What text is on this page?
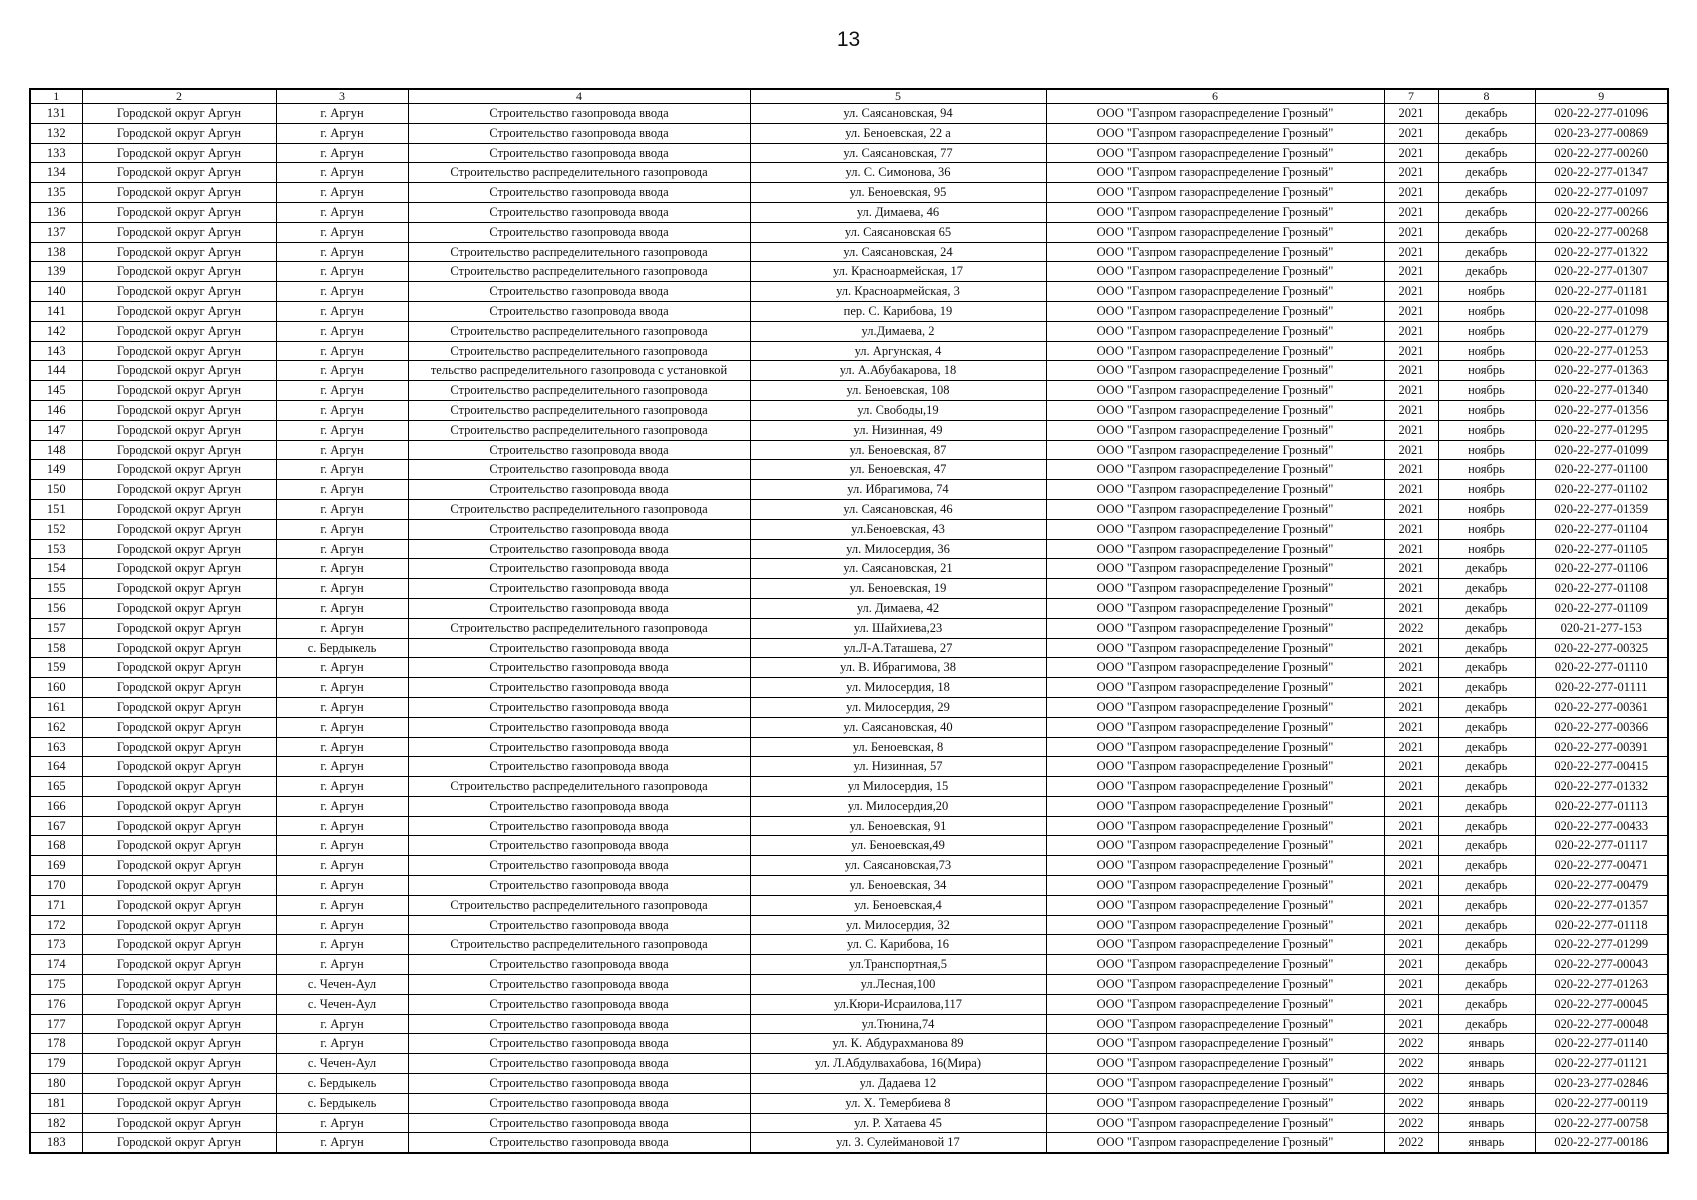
13
1	2	3	4	5	6	7	8	9
131	Городской округ Аргун	г. Аргун	Строительство газопровода ввода	ул. Саясановская, 94	ООО "Газпром газораспределение Грозный"	2021	декабрь	020-22-277-01096
132	Городской округ Аргун	г. Аргун	Строительство газопровода ввода	ул. Беноевская, 22 а	ООО "Газпром газораспределение Грозный"	2021	декабрь	020-23-277-00869
133	Городской округ Аргун	г. Аргун	Строительство газопровода ввода	ул. Саясановская, 77	ООО "Газпром газораспределение Грозный"	2021	декабрь	020-22-277-00260
134	Городской округ Аргун	г. Аргун	Строительство распределительного газопровода	ул. С. Симонова, 36	ООО "Газпром газораспределение Грозный"	2021	декабрь	020-22-277-01347
135	Городской округ Аргун	г. Аргун	Строительство газопровода ввода	ул. Беноевская, 95	ООО "Газпром газораспределение Грозный"	2021	декабрь	020-22-277-01097
136	Городской округ Аргун	г. Аргун	Строительство газопровода ввода	ул. Димаева, 46	ООО "Газпром газораспределение Грозный"	2021	декабрь	020-22-277-00266
137	Городской округ Аргун	г. Аргун	Строительство газопровода ввода	ул. Саясановская 65	ООО "Газпром газораспределение Грозный"	2021	декабрь	020-22-277-00268
138	Городской округ Аргун	г. Аргун	Строительство распределительного газопровода	ул. Саясановская, 24	ООО "Газпром газораспределение Грозный"	2021	декабрь	020-22-277-01322
139	Городской округ Аргун	г. Аргун	Строительство распределительного газопровода	ул. Красноармейская, 17	ООО "Газпром газораспределение Грозный"	2021	декабрь	020-22-277-01307
140	Городской округ Аргун	г. Аргун	Строительство газопровода ввода	ул. Красноармейская, 3	ООО "Газпром газораспределение Грозный"	2021	ноябрь	020-22-277-01181
141	Городской округ Аргун	г. Аргун	Строительство газопровода ввода	пер. С. Карибова, 19	ООО "Газпром газораспределение Грозный"	2021	ноябрь	020-22-277-01098
142	Городской округ Аргун	г. Аргун	Строительство распределительного газопровода	ул.Димаева, 2	ООО "Газпром газораспределение Грозный"	2021	ноябрь	020-22-277-01279
143	Городской округ Аргун	г. Аргун	Строительство распределительного газопровода	ул. Аргунская, 4	ООО "Газпром газораспределение Грозный"	2021	ноябрь	020-22-277-01253
144	Городской округ Аргун	г. Аргун	тельство распределительного газопровода с установкой	ул. А.Абубакарова, 18	ООО "Газпром газораспределение Грозный"	2021	ноябрь	020-22-277-01363
145	Городской округ Аргун	г. Аргун	Строительство распределительного газопровода	ул. Беноевская, 108	ООО "Газпром газораспределение Грозный"	2021	ноябрь	020-22-277-01340
146	Городской округ Аргун	г. Аргун	Строительство распределительного газопровода	ул. Свободы,19	ООО "Газпром газораспределение Грозный"	2021	ноябрь	020-22-277-01356
147	Городской округ Аргун	г. Аргун	Строительство распределительного газопровода	ул. Низинная, 49	ООО "Газпром газораспределение Грозный"	2021	ноябрь	020-22-277-01295
148	Городской округ Аргун	г. Аргун	Строительство газопровода ввода	ул. Беноевская, 87	ООО "Газпром газораспределение Грозный"	2021	ноябрь	020-22-277-01099
149	Городской округ Аргун	г. Аргун	Строительство газопровода ввода	ул. Беноевская, 47	ООО "Газпром газораспределение Грозный"	2021	ноябрь	020-22-277-01100
150	Городской округ Аргун	г. Аргун	Строительство газопровода ввода	ул. Ибрагимова, 74	ООО "Газпром газораспределение Грозный"	2021	ноябрь	020-22-277-01102
151	Городской округ Аргун	г. Аргун	Строительство распределительного газопровода	ул. Саясановская, 46	ООО "Газпром газораспределение Грозный"	2021	ноябрь	020-22-277-01359
152	Городской округ Аргун	г. Аргун	Строительство газопровода ввода	ул.Беноевская, 43	ООО "Газпром газораспределение Грозный"	2021	ноябрь	020-22-277-01104
153	Городской округ Аргун	г. Аргун	Строительство газопровода ввода	ул. Милосердия, 36	ООО "Газпром газораспределение Грозный"	2021	ноябрь	020-22-277-01105
154	Городской округ Аргун	г. Аргун	Строительство газопровода ввода	ул. Саясановская, 21	ООО "Газпром газораспределение Грозный"	2021	декабрь	020-22-277-01106
155	Городской округ Аргун	г. Аргун	Строительство газопровода ввода	ул. Беноевская, 19	ООО "Газпром газораспределение Грозный"	2021	декабрь	020-22-277-01108
156	Городской округ Аргун	г. Аргун	Строительство газопровода ввода	ул. Димаева, 42	ООО "Газпром газораспределение Грозный"	2021	декабрь	020-22-277-01109
157	Городской округ Аргун	г. Аргун	Строительство распределительного газопровода	ул. Шайхиева,23	ООО "Газпром газораспределение Грозный"	2022	декабрь	020-21-277-153
158	Городской округ Аргун	с. Бердыкель	Строительство газопровода ввода	ул.Л-А.Таташева, 27	ООО "Газпром газораспределение Грозный"	2021	декабрь	020-22-277-00325
159	Городской округ Аргун	г. Аргун	Строительство газопровода ввода	ул. В. Ибрагимова, 38	ООО "Газпром газораспределение Грозный"	2021	декабрь	020-22-277-01110
160	Городской округ Аргун	г. Аргун	Строительство газопровода ввода	ул. Милосердия, 18	ООО "Газпром газораспределение Грозный"	2021	декабрь	020-22-277-01111
161	Городской округ Аргун	г. Аргун	Строительство газопровода ввода	ул. Милосердия, 29	ООО "Газпром газораспределение Грозный"	2021	декабрь	020-22-277-00361
162	Городской округ Аргун	г. Аргун	Строительство газопровода ввода	ул. Саясановская, 40	ООО "Газпром газораспределение Грозный"	2021	декабрь	020-22-277-00366
163	Городской округ Аргун	г. Аргун	Строительство газопровода ввода	ул. Беноевская, 8	ООО "Газпром газораспределение Грозный"	2021	декабрь	020-22-277-00391
164	Городской округ Аргун	г. Аргун	Строительство газопровода ввода	ул. Низинная, 57	ООО "Газпром газораспределение Грозный"	2021	декабрь	020-22-277-00415
165	Городской округ Аргун	г. Аргун	Строительство распределительного газопровода	ул Милосердия, 15	ООО "Газпром газораспределение Грозный"	2021	декабрь	020-22-277-01332
166	Городской округ Аргун	г. Аргун	Строительство газопровода ввода	ул. Милосердия,20	ООО "Газпром газораспределение Грозный"	2021	декабрь	020-22-277-01113
167	Городской округ Аргун	г. Аргун	Строительство газопровода ввода	ул. Беноевская, 91	ООО "Газпром газораспределение Грозный"	2021	декабрь	020-22-277-00433
168	Городской округ Аргун	г. Аргун	Строительство газопровода ввода	ул. Беноевская,49	ООО "Газпром газораспределение Грозный"	2021	декабрь	020-22-277-01117
169	Городской округ Аргун	г. Аргун	Строительство газопровода ввода	ул. Саясановская,73	ООО "Газпром газораспределение Грозный"	2021	декабрь	020-22-277-00471
170	Городской округ Аргун	г. Аргун	Строительство газопровода ввода	ул. Беноевская, 34	ООО "Газпром газораспределение Грозный"	2021	декабрь	020-22-277-00479
171	Городской округ Аргун	г. Аргун	Строительство распределительного газопровода	ул. Беноевская,4	ООО "Газпром газораспределение Грозный"	2021	декабрь	020-22-277-01357
172	Городской округ Аргун	г. Аргун	Строительство газопровода ввода	ул. Милосердия, 32	ООО "Газпром газораспределение Грозный"	2021	декабрь	020-22-277-01118
173	Городской округ Аргун	г. Аргун	Строительство распределительного газопровода	ул. С. Карибова, 16	ООО "Газпром газораспределение Грозный"	2021	декабрь	020-22-277-01299
174	Городской округ Аргун	г. Аргун	Строительство газопровода ввода	ул.Транспортная,5	ООО "Газпром газораспределение Грозный"	2021	декабрь	020-22-277-00043
175	Городской округ Аргун	с. Чечен-Аул	Строительство газопровода ввода	ул.Лесная,100	ООО "Газпром газораспределение Грозный"	2021	декабрь	020-22-277-01263
176	Городской округ Аргун	с. Чечен-Аул	Строительство газопровода ввода	ул.Кюри-Исраилова,117	ООО "Газпром газораспределение Грозный"	2021	декабрь	020-22-277-00045
177	Городской округ Аргун	г. Аргун	Строительство газопровода ввода	ул.Тюнина,74	ООО "Газпром газораспределение Грозный"	2021	декабрь	020-22-277-00048
178	Городской округ Аргун	г. Аргун	Строительство газопровода ввода	ул. К. Абдурахманова 89	ООО "Газпром газораспределение Грозный"	2022	январь	020-22-277-01140
179	Городской округ Аргун	с. Чечен-Аул	Строительство газопровода ввода	ул. Л.Абдулвахабова, 16(Мира)	ООО "Газпром газораспределение Грозный"	2022	январь	020-22-277-01121
180	Городской округ Аргун	с. Бердыкель	Строительство газопровода ввода	ул. Дадаева 12	ООО "Газпром газораспределение Грозный"	2022	январь	020-23-277-02846
181	Городской округ Аргун	с. Бердыкель	Строительство газопровода ввода	ул. Х. Темербиева 8	ООО "Газпром газораспределение Грозный"	2022	январь	020-22-277-00119
182	Городской округ Аргун	г. Аргун	Строительство газопровода ввода	ул. Р. Хатаева 45	ООО "Газпром газораспределение Грозный"	2022	январь	020-22-277-00758
183	Городской округ Аргун	г. Аргун	Строительство газопровода ввода	ул. З. Сулеймановой 17	ООО "Газпром газораспределение Грозный"	2022	январь	020-22-277-00186
